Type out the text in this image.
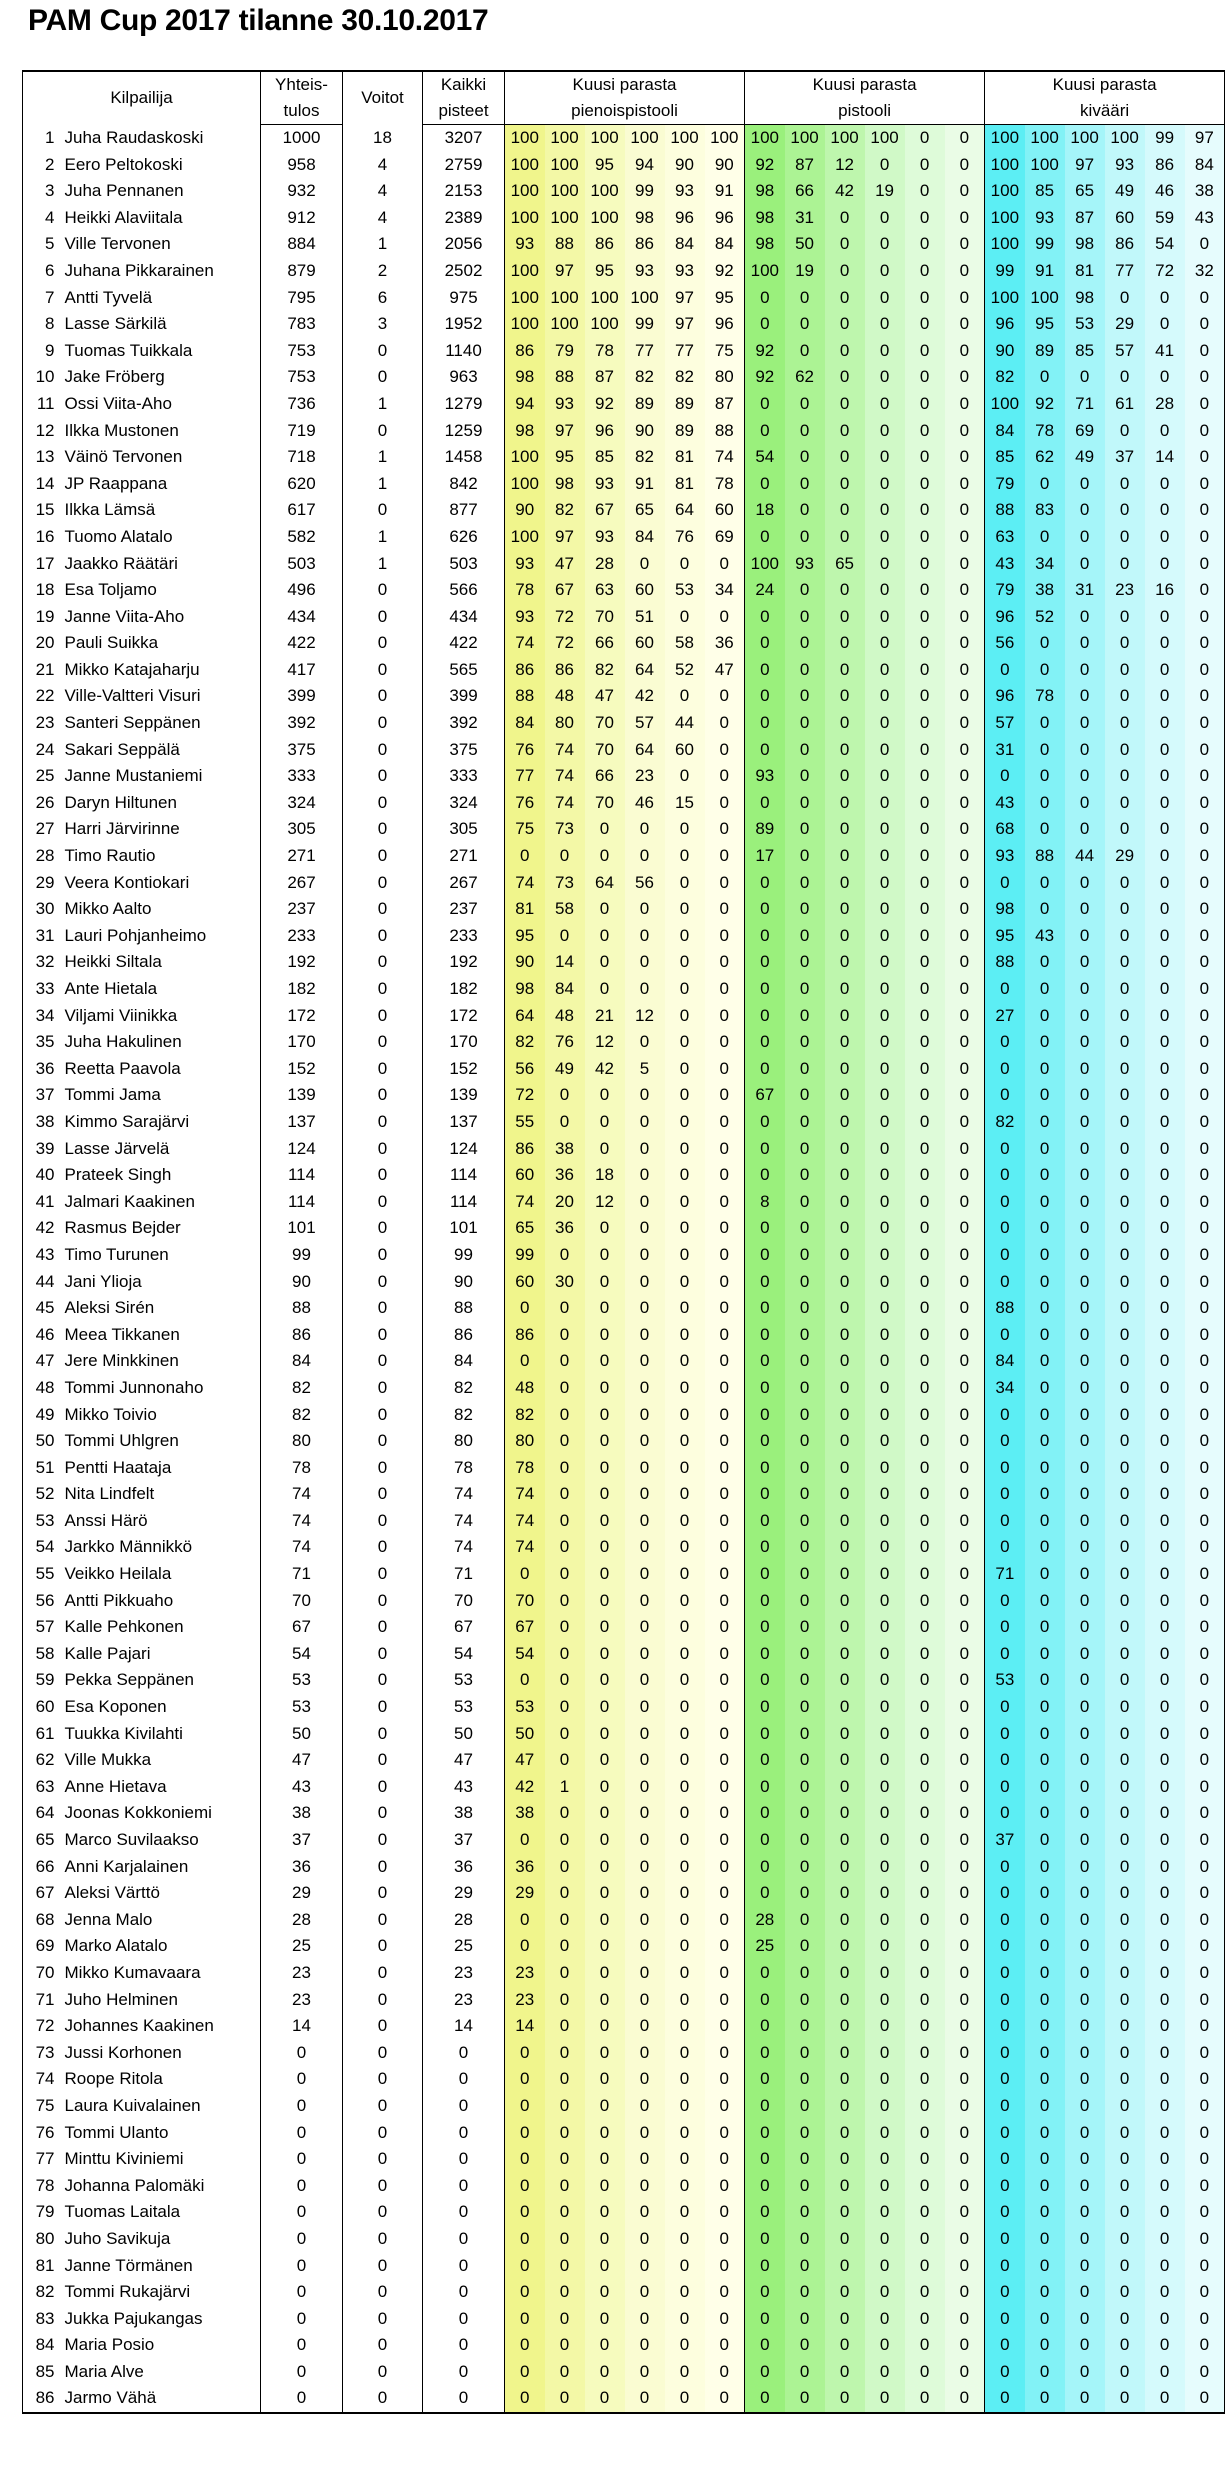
PAM Cup 2017 tilanne 30.10.2017
Kilpailija		Yhteis-	Voitot	Kaikki	Kuusi parasta						Kuusi parasta						Kuusi parasta					
		tulos		pisteet	pienoispistooli						pistooli						kivääri					
1	Juha Raudaskoski	1000	18	3207	100	100	100	100	100	100	100	100	100	100	0	0	100	100	100	100	99	97
2	Eero Peltokoski	958	4	2759	100	100	95	94	90	90	92	87	12	0	0	0	100	100	97	93	86	84
3	Juha Pennanen	932	4	2153	100	100	100	99	93	91	98	66	42	19	0	0	100	85	65	49	46	38
4	Heikki Alaviitala	912	4	2389	100	100	100	98	96	96	98	31	0	0	0	0	100	93	87	60	59	43
5	Ville Tervonen	884	1	2056	93	88	86	86	84	84	98	50	0	0	0	0	100	99	98	86	54	0
6	Juhana Pikkarainen	879	2	2502	100	97	95	93	93	92	100	19	0	0	0	0	99	91	81	77	72	32
7	Antti Tyvelä	795	6	975	100	100	100	100	97	95	0	0	0	0	0	0	100	100	98	0	0	0
8	Lasse Särkilä	783	3	1952	100	100	100	99	97	96	0	0	0	0	0	0	96	95	53	29	0	0
9	Tuomas Tuikkala	753	0	1140	86	79	78	77	77	75	92	0	0	0	0	0	90	89	85	57	41	0
10	Jake Fröberg	753	0	963	98	88	87	82	82	80	92	62	0	0	0	0	82	0	0	0	0	0
11	Ossi Viita-Aho	736	1	1279	94	93	92	89	89	87	0	0	0	0	0	0	100	92	71	61	28	0
12	Ilkka Mustonen	719	0	1259	98	97	96	90	89	88	0	0	0	0	0	0	84	78	69	0	0	0
13	Väinö Tervonen	718	1	1458	100	95	85	82	81	74	54	0	0	0	0	0	85	62	49	37	14	0
14	JP Raappana	620	1	842	100	98	93	91	81	78	0	0	0	0	0	0	79	0	0	0	0	0
15	Ilkka Lämsä	617	0	877	90	82	67	65	64	60	18	0	0	0	0	0	88	83	0	0	0	0
16	Tuomo Alatalo	582	1	626	100	97	93	84	76	69	0	0	0	0	0	0	63	0	0	0	0	0
17	Jaakko Räätäri	503	1	503	93	47	28	0	0	0	100	93	65	0	0	0	43	34	0	0	0	0
18	Esa Toljamo	496	0	566	78	67	63	60	53	34	24	0	0	0	0	0	79	38	31	23	16	0
19	Janne Viita-Aho	434	0	434	93	72	70	51	0	0	0	0	0	0	0	0	96	52	0	0	0	0
20	Pauli Suikka	422	0	422	74	72	66	60	58	36	0	0	0	0	0	0	56	0	0	0	0	0
21	Mikko Katajaharju	417	0	565	86	86	82	64	52	47	0	0	0	0	0	0	0	0	0	0	0	0
22	Ville-Valtteri Visuri	399	0	399	88	48	47	42	0	0	0	0	0	0	0	0	96	78	0	0	0	0
23	Santeri Seppänen	392	0	392	84	80	70	57	44	0	0	0	0	0	0	0	57	0	0	0	0	0
24	Sakari Seppälä	375	0	375	76	74	70	64	60	0	0	0	0	0	0	0	31	0	0	0	0	0
25	Janne Mustaniemi	333	0	333	77	74	66	23	0	0	93	0	0	0	0	0	0	0	0	0	0	0
26	Daryn Hiltunen	324	0	324	76	74	70	46	15	0	0	0	0	0	0	0	43	0	0	0	0	0
27	Harri Järvirinne	305	0	305	75	73	0	0	0	0	89	0	0	0	0	0	68	0	0	0	0	0
28	Timo Rautio	271	0	271	0	0	0	0	0	0	17	0	0	0	0	0	93	88	44	29	0	0
29	Veera Kontiokari	267	0	267	74	73	64	56	0	0	0	0	0	0	0	0	0	0	0	0	0	0
30	Mikko Aalto	237	0	237	81	58	0	0	0	0	0	0	0	0	0	0	98	0	0	0	0	0
31	Lauri Pohjanheimo	233	0	233	95	0	0	0	0	0	0	0	0	0	0	0	95	43	0	0	0	0
32	Heikki Siltala	192	0	192	90	14	0	0	0	0	0	0	0	0	0	0	88	0	0	0	0	0
33	Ante Hietala	182	0	182	98	84	0	0	0	0	0	0	0	0	0	0	0	0	0	0	0	0
34	Viljami Viinikka	172	0	172	64	48	21	12	0	0	0	0	0	0	0	0	27	0	0	0	0	0
35	Juha Hakulinen	170	0	170	82	76	12	0	0	0	0	0	0	0	0	0	0	0	0	0	0	0
36	Reetta Paavola	152	0	152	56	49	42	5	0	0	0	0	0	0	0	0	0	0	0	0	0	0
37	Tommi Jama	139	0	139	72	0	0	0	0	0	67	0	0	0	0	0	0	0	0	0	0	0
38	Kimmo Sarajärvi	137	0	137	55	0	0	0	0	0	0	0	0	0	0	0	82	0	0	0	0	0
39	Lasse Järvelä	124	0	124	86	38	0	0	0	0	0	0	0	0	0	0	0	0	0	0	0	0
40	Prateek Singh	114	0	114	60	36	18	0	0	0	0	0	0	0	0	0	0	0	0	0	0	0
41	Jalmari Kaakinen	114	0	114	74	20	12	0	0	0	8	0	0	0	0	0	0	0	0	0	0	0
42	Rasmus Bejder	101	0	101	65	36	0	0	0	0	0	0	0	0	0	0	0	0	0	0	0	0
43	Timo Turunen	99	0	99	99	0	0	0	0	0	0	0	0	0	0	0	0	0	0	0	0	0
44	Jani Ylioja	90	0	90	60	30	0	0	0	0	0	0	0	0	0	0	0	0	0	0	0	0
45	Aleksi Sirén	88	0	88	0	0	0	0	0	0	0	0	0	0	0	0	88	0	0	0	0	0
46	Meea Tikkanen	86	0	86	86	0	0	0	0	0	0	0	0	0	0	0	0	0	0	0	0	0
47	Jere Minkkinen	84	0	84	0	0	0	0	0	0	0	0	0	0	0	0	84	0	0	0	0	0
48	Tommi Junnonaho	82	0	82	48	0	0	0	0	0	0	0	0	0	0	0	34	0	0	0	0	0
49	Mikko Toivio	82	0	82	82	0	0	0	0	0	0	0	0	0	0	0	0	0	0	0	0	0
50	Tommi Uhlgren	80	0	80	80	0	0	0	0	0	0	0	0	0	0	0	0	0	0	0	0	0
51	Pentti Haataja	78	0	78	78	0	0	0	0	0	0	0	0	0	0	0	0	0	0	0	0	0
52	Nita Lindfelt	74	0	74	74	0	0	0	0	0	0	0	0	0	0	0	0	0	0	0	0	0
53	Anssi Härö	74	0	74	74	0	0	0	0	0	0	0	0	0	0	0	0	0	0	0	0	0
54	Jarkko Männikkö	74	0	74	74	0	0	0	0	0	0	0	0	0	0	0	0	0	0	0	0	0
55	Veikko Heilala	71	0	71	0	0	0	0	0	0	0	0	0	0	0	0	71	0	0	0	0	0
56	Antti Pikkuaho	70	0	70	70	0	0	0	0	0	0	0	0	0	0	0	0	0	0	0	0	0
57	Kalle Pehkonen	67	0	67	67	0	0	0	0	0	0	0	0	0	0	0	0	0	0	0	0	0
58	Kalle Pajari	54	0	54	54	0	0	0	0	0	0	0	0	0	0	0	0	0	0	0	0	0
59	Pekka Seppänen	53	0	53	0	0	0	0	0	0	0	0	0	0	0	0	53	0	0	0	0	0
60	Esa Koponen	53	0	53	53	0	0	0	0	0	0	0	0	0	0	0	0	0	0	0	0	0
61	Tuukka Kivilahti	50	0	50	50	0	0	0	0	0	0	0	0	0	0	0	0	0	0	0	0	0
62	Ville Mukka	47	0	47	47	0	0	0	0	0	0	0	0	0	0	0	0	0	0	0	0	0
63	Anne Hietava	43	0	43	42	1	0	0	0	0	0	0	0	0	0	0	0	0	0	0	0	0
64	Joonas Kokkoniemi	38	0	38	38	0	0	0	0	0	0	0	0	0	0	0	0	0	0	0	0	0
65	Marco Suvilaakso	37	0	37	0	0	0	0	0	0	0	0	0	0	0	0	37	0	0	0	0	0
66	Anni Karjalainen	36	0	36	36	0	0	0	0	0	0	0	0	0	0	0	0	0	0	0	0	0
67	Aleksi Värttö	29	0	29	29	0	0	0	0	0	0	0	0	0	0	0	0	0	0	0	0	0
68	Jenna Malo	28	0	28	0	0	0	0	0	0	28	0	0	0	0	0	0	0	0	0	0	0
69	Marko Alatalo	25	0	25	0	0	0	0	0	0	25	0	0	0	0	0	0	0	0	0	0	0
70	Mikko Kumavaara	23	0	23	23	0	0	0	0	0	0	0	0	0	0	0	0	0	0	0	0	0
71	Juho Helminen	23	0	23	23	0	0	0	0	0	0	0	0	0	0	0	0	0	0	0	0	0
72	Johannes Kaakinen	14	0	14	14	0	0	0	0	0	0	0	0	0	0	0	0	0	0	0	0	0
73	Jussi Korhonen	0	0	0	0	0	0	0	0	0	0	0	0	0	0	0	0	0	0	0	0	0
74	Roope Ritola	0	0	0	0	0	0	0	0	0	0	0	0	0	0	0	0	0	0	0	0	0
75	Laura Kuivalainen	0	0	0	0	0	0	0	0	0	0	0	0	0	0	0	0	0	0	0	0	0
76	Tommi Ulanto	0	0	0	0	0	0	0	0	0	0	0	0	0	0	0	0	0	0	0	0	0
77	Minttu Kiviniemi	0	0	0	0	0	0	0	0	0	0	0	0	0	0	0	0	0	0	0	0	0
78	Johanna Palomäki	0	0	0	0	0	0	0	0	0	0	0	0	0	0	0	0	0	0	0	0	0
79	Tuomas Laitala	0	0	0	0	0	0	0	0	0	0	0	0	0	0	0	0	0	0	0	0	0
80	Juho Savikuja	0	0	0	0	0	0	0	0	0	0	0	0	0	0	0	0	0	0	0	0	0
81	Janne Törmänen	0	0	0	0	0	0	0	0	0	0	0	0	0	0	0	0	0	0	0	0	0
82	Tommi Rukajärvi	0	0	0	0	0	0	0	0	0	0	0	0	0	0	0	0	0	0	0	0	0
83	Jukka Pajukangas	0	0	0	0	0	0	0	0	0	0	0	0	0	0	0	0	0	0	0	0	0
84	Maria Posio	0	0	0	0	0	0	0	0	0	0	0	0	0	0	0	0	0	0	0	0	0
85	Maria Alve	0	0	0	0	0	0	0	0	0	0	0	0	0	0	0	0	0	0	0	0	0
86	Jarmo Vähä	0	0	0	0	0	0	0	0	0	0	0	0	0	0	0	0	0	0	0	0	0
